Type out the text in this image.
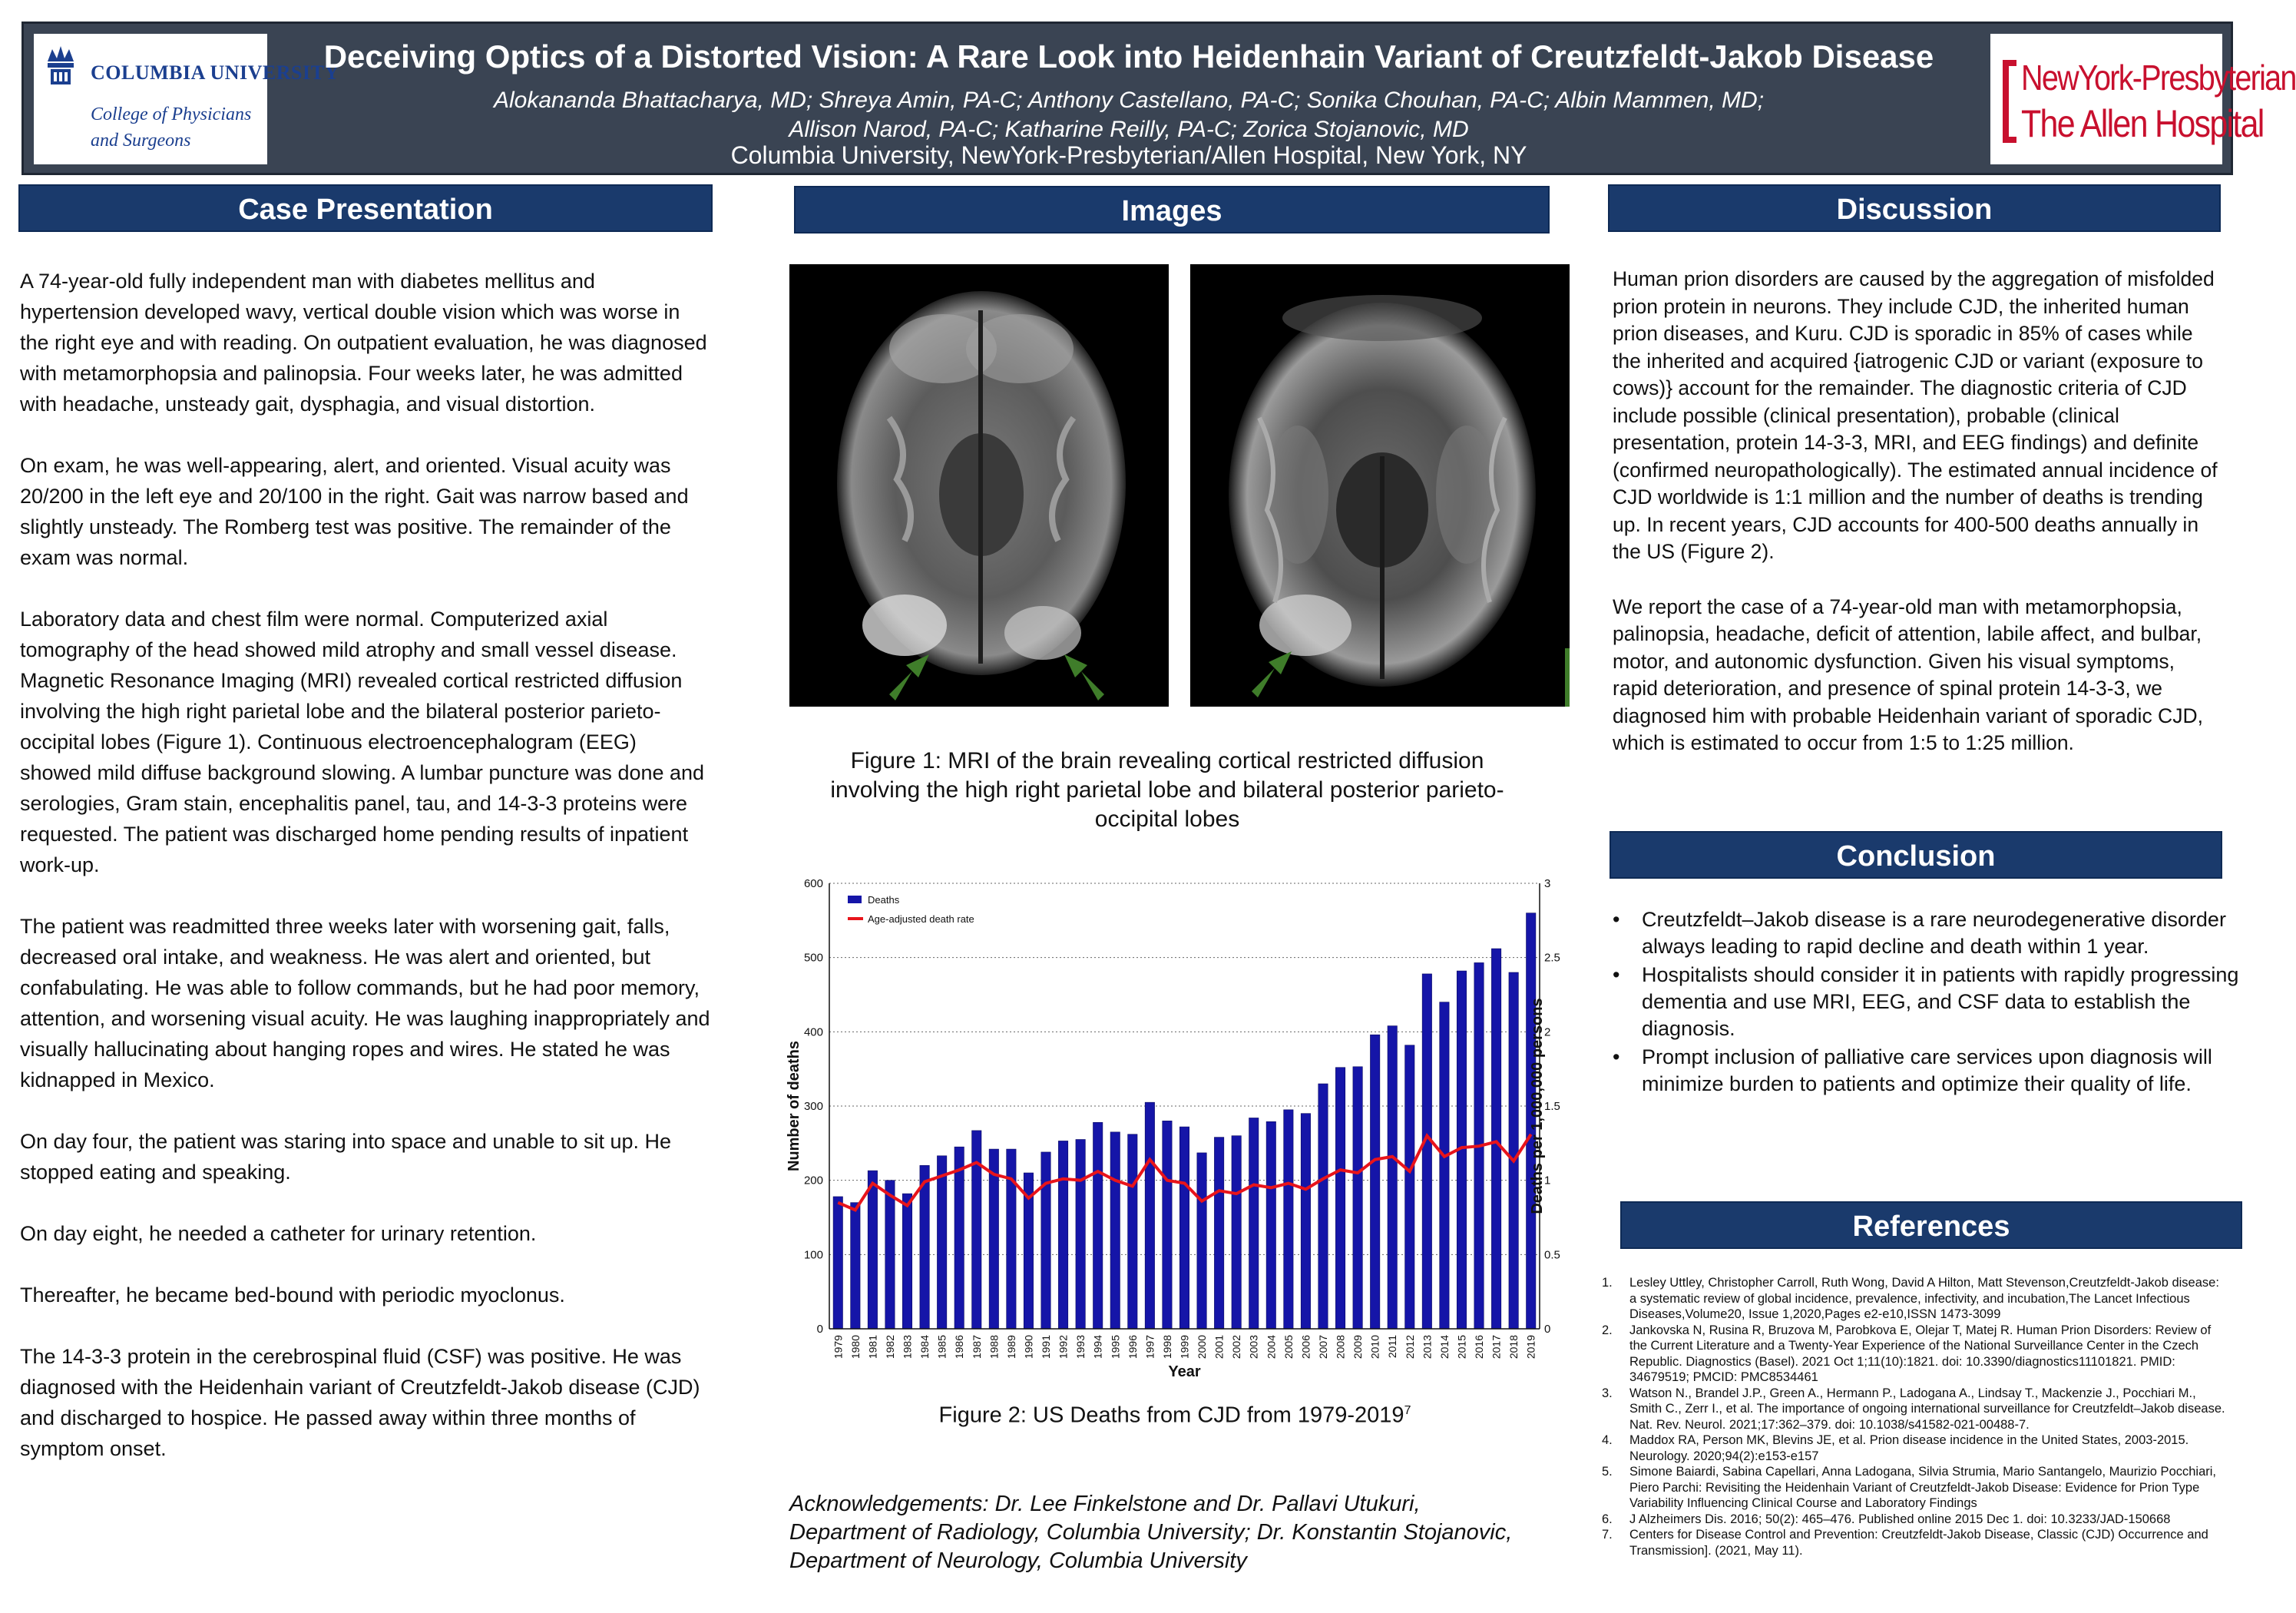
COLUMBIA UNIVERSITY
College of Physicians
and Surgeons
Deceiving Optics of a Distorted Vision: A Rare Look into Heidenhain Variant of Creutzfeldt-Jakob Disease
Alokananda Bhattacharya, MD; Shreya Amin, PA-C; Anthony Castellano, PA-C; Sonika Chouhan, PA-C; Albin Mammen, MD;
Allison Narod, PA-C; Katharine Reilly, PA-C; Zorica Stojanovic, MD
Columbia University, NewYork-Presbyterian/Allen Hospital, New York, NY
NewYork-Presbyterian
The Allen Hospital
Case Presentation

A 74-year-old fully independent man with diabetes mellitus and hypertension developed wavy, vertical double vision which was worse in the right eye and with reading. On outpatient evaluation, he was diagnosed with metamorphopsia and palinopsia. Four weeks later, he was admitted with headache, unsteady gait, dysphagia, and visual distortion.

On exam, he was well-appearing, alert, and oriented. Visual acuity was 20/200 in the left eye and 20/100 in the right. Gait was narrow based and slightly unsteady. The Romberg test was positive. The remainder of the exam was normal.

Laboratory data and chest film were normal. Computerized axial tomography of the head showed mild atrophy and small vessel disease. Magnetic Resonance Imaging (MRI) revealed cortical restricted diffusion involving the high right parietal lobe and the bilateral posterior parieto-occipital lobes (Figure 1). Continuous electroencephalogram (EEG) showed mild diffuse background slowing. A lumbar puncture was done and serologies, Gram stain, encephalitis panel, tau, and 14-3-3 proteins were requested. The patient was discharged home pending results of inpatient work-up.

The patient was readmitted three weeks later with worsening gait, falls, decreased oral intake, and weakness. He was alert and oriented, but confabulating. He was able to follow commands, but he had poor memory, attention, and worsening visual acuity. He was laughing inappropriately and visually hallucinating about hanging ropes and wires. He stated he was kidnapped in Mexico.

On day four, the patient was staring into space and unable to sit up. He stopped eating and speaking.

On day eight, he needed a catheter for urinary retention.

Thereafter, he became bed-bound with periodic myoclonus.

The 14-3-3 protein in the cerebrospinal fluid (CSF) was positive. He was diagnosed with the Heidenhain variant of Creutzfeldt-Jakob disease (CJD) and discharged to hospice. He passed away within three months of symptom onset.

Images
Figure 1: MRI of the brain revealing cortical restricted diffusion involving the high right parietal lobe and bilateral posterior parieto-occipital lobes
0
100
200
300
400
500
600
0
0.5
1
1.5
2
2.5
3
1979 1980 1981 1982 1983 1984 1985 1986 1987 1988 1989 1990 1991 1992 1993 1994 1995 1996 1997 1998 1999 2000 2001 2002 2003 2004 2005 2006 2007 2008 2009 2010 2011 2012 2013 2014 2015 2016 2017 2018 2019
Year
Number of deaths	Deaths per 1,000,000 persons
Deaths
Age-adjusted death rate
Figure 2: US Deaths from CJD from 1979-2019$^7$
Acknowledgements: Dr. Lee Finkelstone and Dr. Pallavi Utukuri, Department of Radiology, Columbia University; Dr. Konstantin Stojanovic, Department of Neurology, Columbia University
Discussion

Human prion disorders are caused by the aggregation of misfolded prion protein in neurons. They include CJD, the inherited human prion diseases, and Kuru. CJD is sporadic in 85% of cases while the inherited and acquired {iatrogenic CJD or variant (exposure to cows)} account for the remainder. The diagnostic criteria of CJD include possible (clinical presentation), probable (clinical presentation, protein 14-3-3, MRI, and EEG findings) and definite (confirmed neuropathologically). The estimated annual incidence of CJD worldwide is 1:1 million and the number of deaths is trending up. In recent years, CJD accounts for 400-500 deaths annually in the US (Figure 2).

We report the case of a 74-year-old man with metamorphopsia, palinopsia, headache, deficit of attention, labile affect, and bulbar, motor, and autonomic dysfunction. Given his visual symptoms, rapid deterioration, and presence of spinal protein 14-3-3, we diagnosed him with probable Heidenhain variant of sporadic CJD, which is estimated to occur from 1:5 to 1:25 million.

Conclusion
• Creutzfeldt–Jakob disease is a rare neurodegenerative disorder always leading to rapid decline and death within 1 year.
• Hospitalists should consider it in patients with rapidly progressing dementia and use MRI, EEG, and CSF data to establish the diagnosis.
• Prompt inclusion of palliative care services upon diagnosis will minimize burden to patients and optimize their quality of life.
References
1. Lesley Uttley, Christopher Carroll, Ruth Wong, David A Hilton, Matt Stevenson,Creutzfeldt-Jakob disease: a systematic review of global incidence, prevalence, infectivity, and incubation,The Lancet Infectious Diseases,Volume20, Issue 1,2020,Pages e2-e10,ISSN 1473-3099
2. Jankovska N, Rusina R, Bruzova M, Parobkova E, Olejar T, Matej R. Human Prion Disorders: Review of the Current Literature and a Twenty-Year Experience of the National Surveillance Center in the Czech Republic. Diagnostics (Basel). 2021 Oct 1;11(10):1821. doi: 10.3390/diagnostics11101821. PMID: 34679519; PMCID: PMC8534461
3. Watson N., Brandel J.P., Green A., Hermann P., Ladogana A., Lindsay T., Mackenzie J., Pocchiari M., Smith C., Zerr I., et al. The importance of ongoing international surveillance for Creutzfeldt–Jakob disease. Nat. Rev. Neurol. 2021;17:362–379. doi: 10.1038/s41582-021-00488-7.
4. Maddox RA, Person MK, Blevins JE, et al. Prion disease incidence in the United States, 2003-2015. Neurology. 2020;94(2):e153-e157
5. Simone Baiardi, Sabina Capellari, Anna Ladogana, Silvia Strumia, Mario Santangelo, Maurizio Pocchiari, Piero Parchi: Revisiting the Heidenhain Variant of Creutzfeldt-Jakob Disease: Evidence for Prion Type Variability Influencing Clinical Course and Laboratory Findings
6. J Alzheimers Dis. 2016; 50(2): 465–476. Published online 2015 Dec 1. doi: 10.3233/JAD-150668
7. Centers for Disease Control and Prevention: Creutzfeldt-Jakob Disease, Classic (CJD) Occurrence and Transmission]. (2021, May 11).
